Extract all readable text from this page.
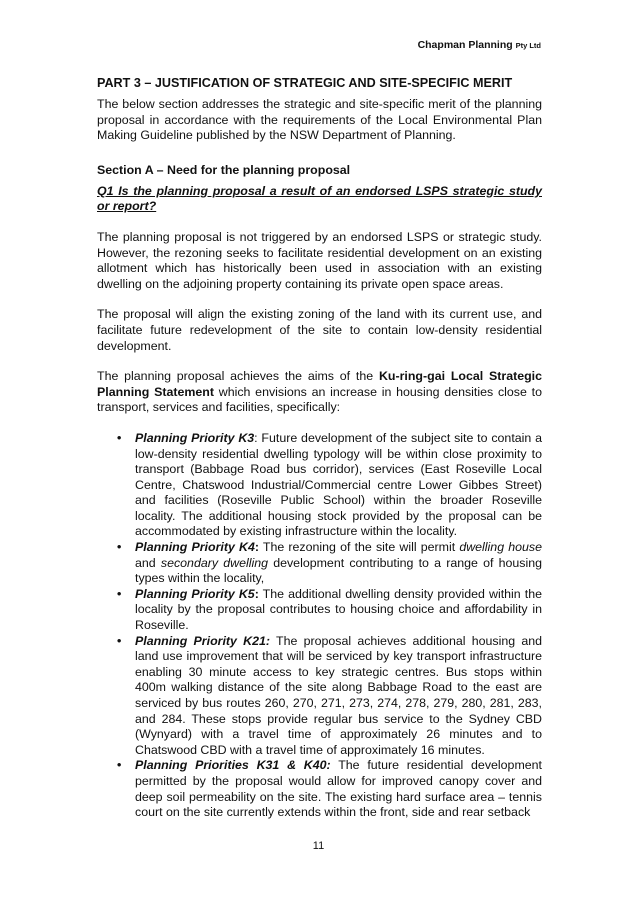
Chapman Planning Pty Ltd
PART 3 – JUSTIFICATION OF STRATEGIC AND SITE-SPECIFIC MERIT

The below section addresses the strategic and site-specific merit of the planning proposal in accordance with the requirements of the Local Environmental Plan Making Guideline published by the NSW Department of Planning.

Section A – Need for the planning proposal

Q1 Is the planning proposal a result of an endorsed LSPS strategic study or report?

The planning proposal is not triggered by an endorsed LSPS or strategic study. However, the rezoning seeks to facilitate residential development on an existing allotment which has historically been used in association with an existing dwelling on the adjoining property containing its private open space areas.

The proposal will align the existing zoning of the land with its current use, and facilitate future redevelopment of the site to contain low-density residential development.

The planning proposal achieves the aims of the Ku-ring-gai Local Strategic Planning Statement which envisions an increase in housing densities close to transport, services and facilities, specifically:

• Planning Priority K3: Future development of the subject site to contain a low-density residential dwelling typology will be within close proximity to transport (Babbage Road bus corridor), services (East Roseville Local Centre, Chatswood Industrial/Commercial centre Lower Gibbes Street) and facilities (Roseville Public School) within the broader Roseville locality. The additional housing stock provided by the proposal can be accommodated by existing infrastructure within the locality.
• Planning Priority K4: The rezoning of the site will permit dwelling house and secondary dwelling development contributing to a range of housing types within the locality,
• Planning Priority K5: The additional dwelling density provided within the locality by the proposal contributes to housing choice and affordability in Roseville.
• Planning Priority K21: The proposal achieves additional housing and land use improvement that will be serviced by key transport infrastructure enabling 30 minute access to key strategic centres. Bus stops within 400m walking distance of the site along Babbage Road to the east are serviced by bus routes 260, 270, 271, 273, 274, 278, 279, 280, 281, 283, and 284. These stops provide regular bus service to the Sydney CBD (Wynyard) with a travel time of approximately 26 minutes and to Chatswood CBD with a travel time of approximately 16 minutes.
• Planning Priorities K31 & K40: The future residential development permitted by the proposal would allow for improved canopy cover and deep soil permeability on the site. The existing hard surface area – tennis court on the site currently extends within the front, side and rear setback
11
